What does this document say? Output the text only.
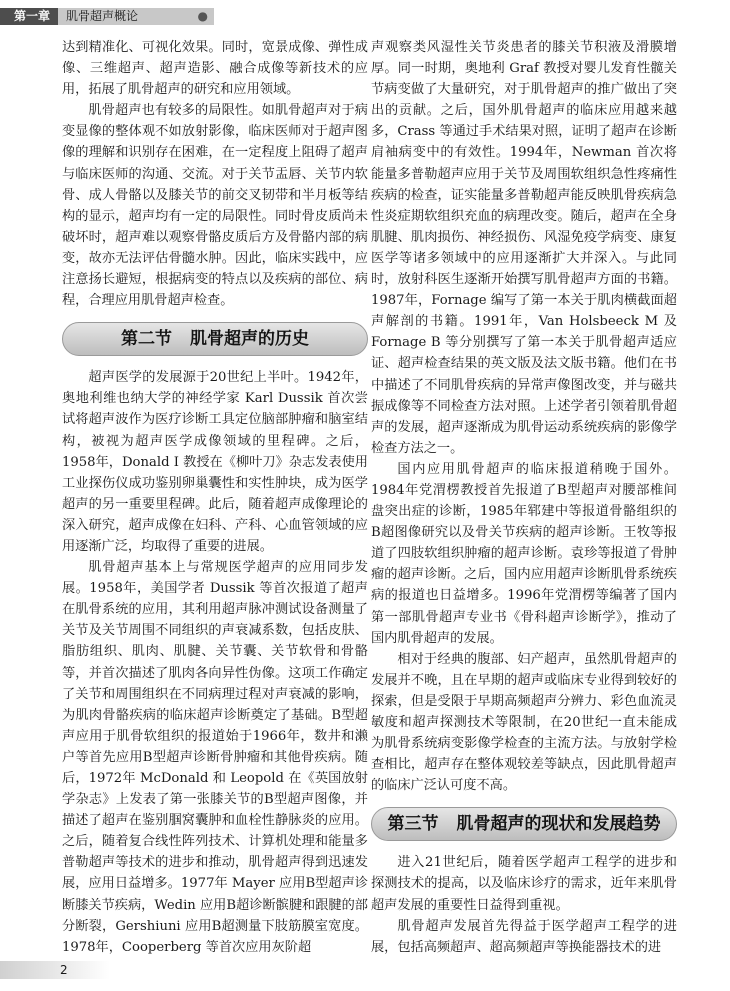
第一章	肌骨超声概论	●

达到精准化、可视化效果。同时，宽景成像、弹性成像、三维超声、超声造影、融合成像等新技术的应用，拓展了肌骨超声的研究和应用领域。

肌骨超声也有较多的局限性。如肌骨超声对于病变显像的整体观不如放射影像，临床医师对于超声图像的理解和识别存在困难，在一定程度上阻碍了超声与临床医师的沟通、交流。对于关节盂唇、关节内软骨、成人骨骼以及膝关节的前交叉韧带和半月板等结构的显示，超声均有一定的局限性。同时骨皮质尚未破坏时，超声难以观察骨骼皮质后方及骨骼内部的病变，故亦无法评估骨髓水肿。因此，临床实践中，应注意扬长避短，根据病变的特点以及疾病的部位、病程，合理应用肌骨超声检查。

第二节 肌骨超声的历史

超声医学的发展源于20世纪上半叶。1942年，奥地利维也纳大学的神经学家 Karl Dussik 首次尝试将超声波作为医疗诊断工具定位脑部肿瘤和脑室结构，被视为超声医学成像领域的里程碑。之后，1958年，Donald I 教授在《柳叶刀》杂志发表使用工业探伤仪成功鉴别卵巢囊性和实性肿块，成为医学超声的另一重要里程碑。此后，随着超声成像理论的深入研究，超声成像在妇科、产科、心血管领域的应用逐渐广泛，均取得了重要的进展。

肌骨超声基本上与常规医学超声的应用同步发展。1958年，美国学者 Dussik 等首次报道了超声在肌骨系统的应用，其利用超声脉冲测试设备测量了关节及关节周围不同组织的声衰减系数，包括皮肤、脂肪组织、肌肉、肌腱、关节囊、关节软骨和骨骼等，并首次描述了肌肉各向异性伪像。这项工作确定了关节和周围组织在不同病理过程对声衰减的影响，为肌肉骨骼疾病的临床超声诊断奠定了基础。B型超声应用于肌骨软组织的报道始于1966年，数井和濑户等首先应用B型超声诊断骨肿瘤和其他骨疾病。随后，1972年 McDonald 和 Leopold 在《英国放射学杂志》上发表了第一张膝关节的B型超声图像，并描述了超声在鉴别腘窝囊肿和血栓性静脉炎的应用。之后，随着复合线性阵列技术、计算机处理和能量多普勒超声等技术的进步和推动，肌骨超声得到迅速发展，应用日益增多。1977年 Mayer 应用B型超声诊断膝关节疾病，Wedin 应用B超诊断髌腱和跟腱的部分断裂，Gershiuni 应用B超测量下肢筋膜室宽度。1978年，Cooperberg 等首次应用灰阶超

声观察类风湿性关节炎患者的膝关节积液及滑膜增厚。同一时期，奥地利 Graf 教授对婴儿发育性髋关节病变做了大量研究，对于肌骨超声的推广做出了突出的贡献。之后，国外肌骨超声的临床应用越来越多，Crass 等通过手术结果对照，证明了超声在诊断肩袖病变中的有效性。1994年，Newman 首次将能量多普勒超声应用于关节及周围软组织急性疼痛性疾病的检查，证实能量多普勒超声能反映肌骨疾病急性炎症期软组织充血的病理改变。随后，超声在全身肌腱、肌肉损伤、神经损伤、风湿免疫学病变、康复医学等诸多领域中的应用逐渐扩大并深入。与此同时，放射科医生逐渐开始撰写肌骨超声方面的书籍。1987年，Fornage 编写了第一本关于肌肉横截面超声解剖的书籍。1991年，Van Holsbeeck M 及 Fornage B 等分别撰写了第一本关于肌骨超声适应证、超声检查结果的英文版及法文版书籍。他们在书中描述了不同肌骨疾病的异常声像图改变，并与磁共振成像等不同检查方法对照。上述学者引领着肌骨超声的发展，超声逐渐成为肌骨运动系统疾病的影像学检查方法之一。

国内应用肌骨超声的临床报道稍晚于国外。1984年党渭楞教授首先报道了B型超声对腰部椎间盘突出症的诊断，1985年郓建中等报道骨骼组织的B超图像研究以及骨关节疾病的超声诊断。王牧等报道了四肢软组织肿瘤的超声诊断。袁珍等报道了骨肿瘤的超声诊断。之后，国内应用超声诊断肌骨系统疾病的报道也日益增多。1996年党渭楞等编著了国内第一部肌骨超声专业书《骨科超声诊断学》，推动了国内肌骨超声的发展。

相对于经典的腹部、妇产超声，虽然肌骨超声的发展并不晚，且在早期的超声或临床专业得到较好的探索，但是受限于早期高频超声分辨力、彩色血流灵敏度和超声探测技术等限制，在20世纪一直未能成为肌骨系统病变影像学检查的主流方法。与放射学检查相比，超声存在整体观较差等缺点，因此肌骨超声的临床广泛认可度不高。

第三节 肌骨超声的现状和发展趋势

进入21世纪后，随着医学超声工程学的进步和探测技术的提高，以及临床诊疗的需求，近年来肌骨超声发展的重要性日益得到重视。

肌骨超声发展首先得益于医学超声工程学的进展，包括高频超声、超高频超声等换能器技术的进

2
